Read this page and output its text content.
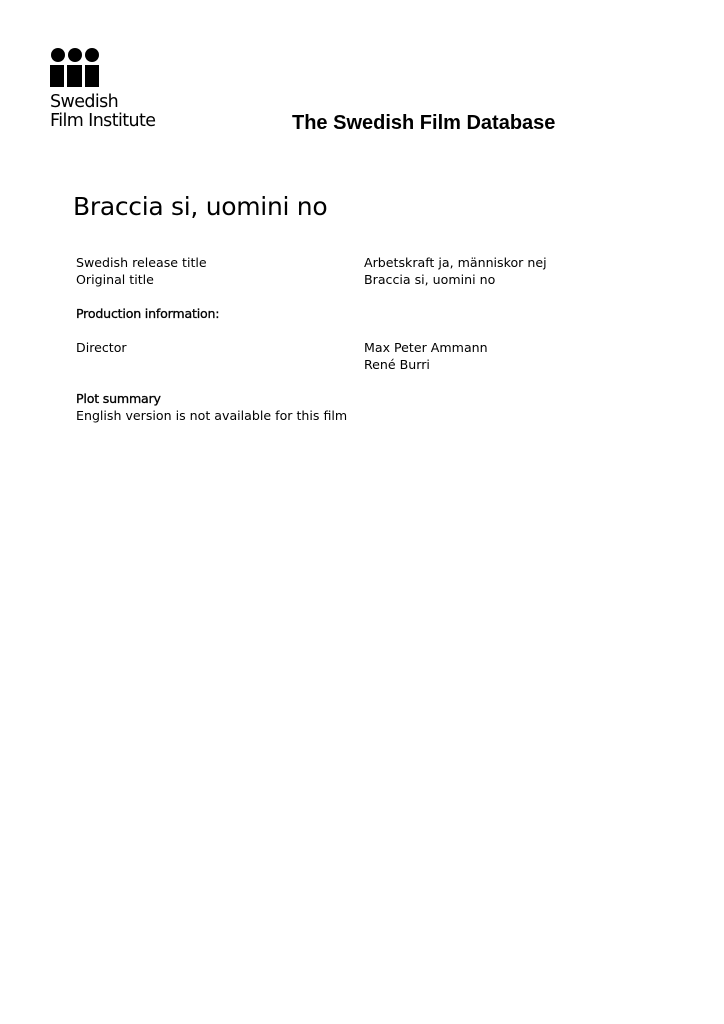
Swedish
Film Institute	The Swedish Film Database
Braccia si, uomini no
Swedish release title	Arbetskraft ja, människor nej
Original title	Braccia si, uomini no
Production information:
Director	Max Peter Ammann
René Burri
Plot summary
English version is not available for this film
